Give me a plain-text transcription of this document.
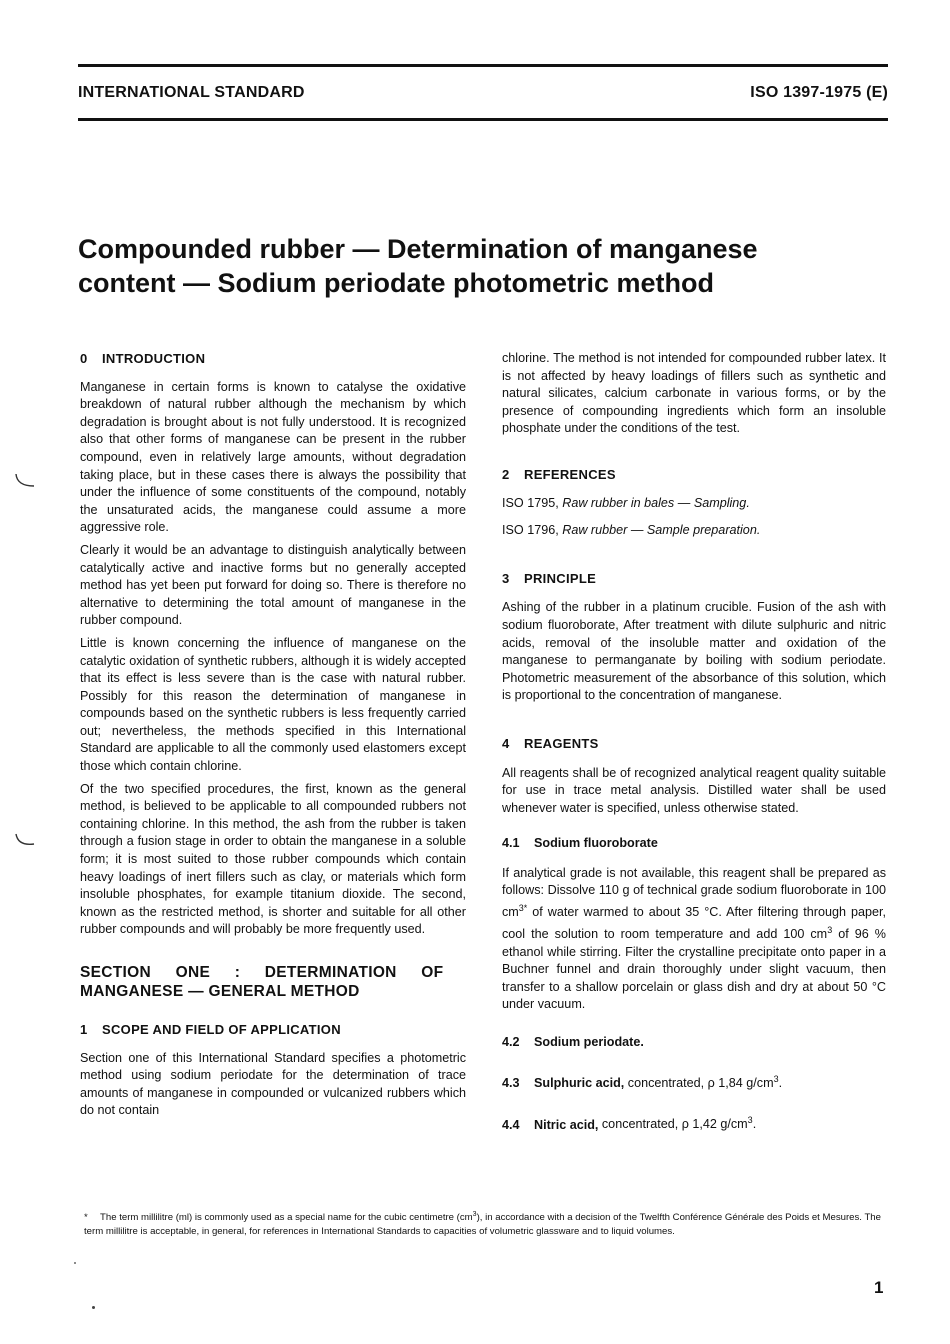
INTERNATIONAL STANDARD	ISO 1397-1975 (E)
Compounded rubber — Determination of manganese
content — Sodium periodate photometric method
0 INTRODUCTION

Manganese in certain forms is known to catalyse the oxidative breakdown of natural rubber although the mechanism by which degradation is brought about is not fully understood. It is recognized also that other forms of manganese can be present in the rubber compound, even in relatively large amounts, without degradation taking place, but in these cases there is always the possibility that under the influence of some constituents of the compound, notably the unsaturated acids, the manganese could assume a more aggressive role.

Clearly it would be an advantage to distinguish analytically between catalytically active and inactive forms but no generally accepted method has yet been put forward for doing so. There is therefore no alternative to determining the total amount of manganese in the rubber compound.

Little is known concerning the influence of manganese on the catalytic oxidation of synthetic rubbers, although it is widely accepted that its effect is less severe than is the case with natural rubber. Possibly for this reason the determination of manganese in compounds based on the synthetic rubbers is less frequently carried out; nevertheless, the methods specified in this International Standard are applicable to all the commonly used elastomers except those which contain chlorine.

Of the two specified procedures, the first, known as the general method, is believed to be applicable to all compounded rubbers not containing chlorine. In this method, the ash from the rubber is taken through a fusion stage in order to obtain the manganese in a soluble form; it is most suited to those rubber compounds which contain heavy loadings of inert fillers such as clay, or materials which form insoluble phosphates, for example titanium dioxide. The second, known as the restricted method, is shorter and suitable for all other rubber compounds and will probably be more frequently used.

SECTION ONE : DETERMINATION OF
MANGANESE — GENERAL METHOD
1 SCOPE AND FIELD OF APPLICATION

Section one of this International Standard specifies a photometric method using sodium periodate for the determination of trace amounts of manganese in compounded or vulcanized rubbers which do not contain

chlorine. The method is not intended for compounded rubber latex. It is not affected by heavy loadings of fillers such as synthetic and natural silicates, calcium carbonate in various forms, or by the presence of compounding ingredients which form an insoluble phosphate under the conditions of the test.

2 REFERENCES

ISO 1795, Raw rubber in bales — Sampling.

ISO 1796, Raw rubber — Sample preparation.

3 PRINCIPLE

Ashing of the rubber in a platinum crucible. Fusion of the ash with sodium fluoroborate, After treatment with dilute sulphuric and nitric acids, removal of the insoluble matter and oxidation of the manganese to permanganate by boiling with sodium periodate. Photometric measurement of the absorbance of this solution, which is proportional to the concentration of manganese.

4 REAGENTS

All reagents shall be of recognized analytical reagent quality suitable for use in trace metal analysis. Distilled water shall be used whenever water is specified, unless otherwise stated.

4.1 Sodium fluoroborate

If analytical grade is not available, this reagent shall be prepared as follows: Dissolve 110 g of technical grade sodium fluoroborate in 100 $cm^{3*}$ of water warmed to about 35 °C. After filtering through paper, cool the solution to room temperature and add 100 $cm^3$ of 96 % ethanol while stirring. Filter the crystalline precipitate onto paper in a Buchner funnel and drain thoroughly under slight vacuum, then transfer to a shallow porcelain or glass dish and dry at about 50 °C under vacuum.

4.2 Sodium periodate.
4.3 Sulphuric acid, concentrated, ρ 1,84 $g/cm^3$.
4.4 Nitric acid, concentrated, ρ 1,42 $g/cm^3$.
* The term millilitre (ml) is commonly used as a special name for the cubic centimetre $(cm^3)$, in accordance with a decision of the Twelfth Conférence Générale des Poids et Mesures. The term millilitre is acceptable, in general, for references in International Standards to capacities of volumetric glassware and to liquid volumes.
1
